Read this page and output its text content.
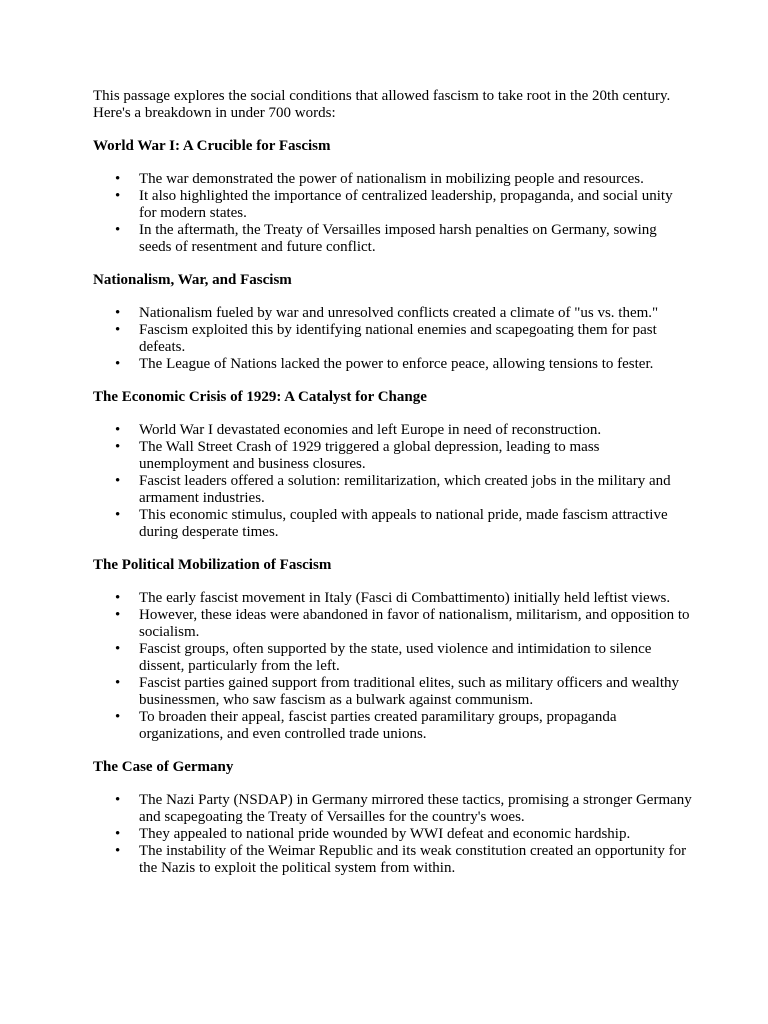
This passage explores the social conditions that allowed fascism to take root in the 20th century. Here's a breakdown in under 700 words:

World War I: A Crucible for Fascism

• The war demonstrated the power of nationalism in mobilizing people and resources.
• It also highlighted the importance of centralized leadership, propaganda, and social unity for modern states.
• In the aftermath, the Treaty of Versailles imposed harsh penalties on Germany, sowing seeds of resentment and future conflict.

Nationalism, War, and Fascism

• Nationalism fueled by war and unresolved conflicts created a climate of "us vs. them."
• Fascism exploited this by identifying national enemies and scapegoating them for past defeats.
• The League of Nations lacked the power to enforce peace, allowing tensions to fester.

The Economic Crisis of 1929: A Catalyst for Change

• World War I devastated economies and left Europe in need of reconstruction.
• The Wall Street Crash of 1929 triggered a global depression, leading to mass unemployment and business closures.
• Fascist leaders offered a solution: remilitarization, which created jobs in the military and armament industries.
• This economic stimulus, coupled with appeals to national pride, made fascism attractive during desperate times.

The Political Mobilization of Fascism

• The early fascist movement in Italy (Fasci di Combattimento) initially held leftist views.
• However, these ideas were abandoned in favor of nationalism, militarism, and opposition to socialism.
• Fascist groups, often supported by the state, used violence and intimidation to silence dissent, particularly from the left.
• Fascist parties gained support from traditional elites, such as military officers and wealthy businessmen, who saw fascism as a bulwark against communism.
• To broaden their appeal, fascist parties created paramilitary groups, propaganda organizations, and even controlled trade unions.

The Case of Germany

• The Nazi Party (NSDAP) in Germany mirrored these tactics, promising a stronger Germany and scapegoating the Treaty of Versailles for the country's woes.
• They appealed to national pride wounded by WWI defeat and economic hardship.
• The instability of the Weimar Republic and its weak constitution created an opportunity for the Nazis to exploit the political system from within.
